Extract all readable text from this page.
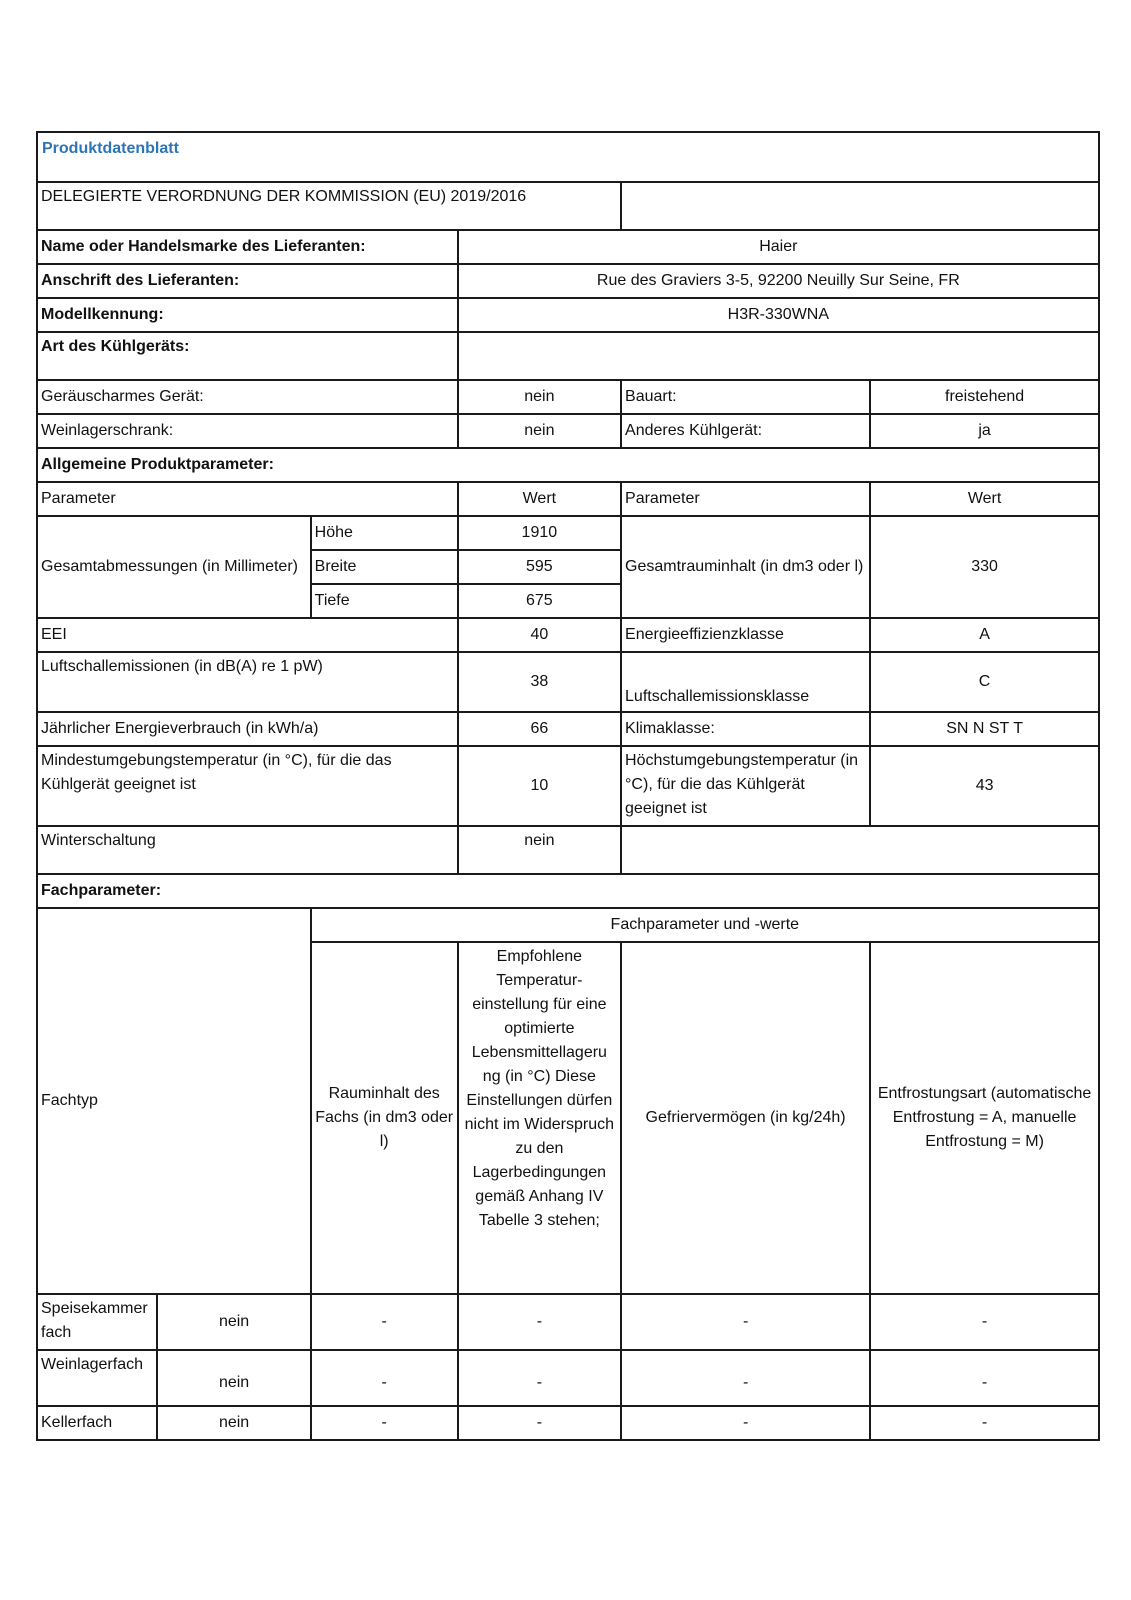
Produktdatenblatt					
DELEGIERTE VERORDNUNG DER KOMMISSION (EU) 2019/2016					
Name oder Handelsmarke des Lieferanten:			Haier		
Anschrift des Lieferanten:			Rue des Graviers 3-5, 92200 Neuilly Sur Seine, FR		
Modellkennung:			H3R-330WNA		
Art des Kühlgeräts:					
Geräuscharmes Gerät:			nein	Bauart:	freistehend
Weinlagerschrank:			nein	Anderes Kühlgerät:	ja
Allgemeine Produktparameter:					
Parameter			Wert	Parameter	Wert
Gesamtabmessungen (in Millimeter)		Höhe	1910	Gesamtrauminhalt (in dm3 oder l)	330
		Breite	595		
		Tiefe	675		
EEI			40	Energieeffizienzklasse	A
Luftschallemissionen (in dB(A) re 1 pW)			38	Luftschallemissionsklasse	C
Jährlicher Energieverbrauch (in kWh/a)			66	Klimaklasse:	SN N ST T
Mindestumgebungstemperatur (in °C), für die das Kühlgerät geeignet ist			10	Höchstumgebungstemperatur (in °C), für die das Kühlgerät geeignet ist	43
Winterschaltung			nein		
Fachparameter:					
Fachtyp		Fachparameter und -werte			
		Rauminhalt des Fachs (in dm3 oder l)	Empfohlene Temperatur-einstellung für eine optimierte Lebensmittellageru ng (in °C) Diese Einstellungen dürfen nicht im Widerspruch zu den Lagerbedingungen gemäß Anhang IV Tabelle 3 stehen;	Gefriervermögen (in kg/24h)	Entfrostungsart (automatische Entfrostung = A, manuelle Entfrostung = M)
Speisekammer fach	nein	-	-	-	-
Weinlagerfach	nein	-	-	-	-
Kellerfach	nein	-	-	-	-
